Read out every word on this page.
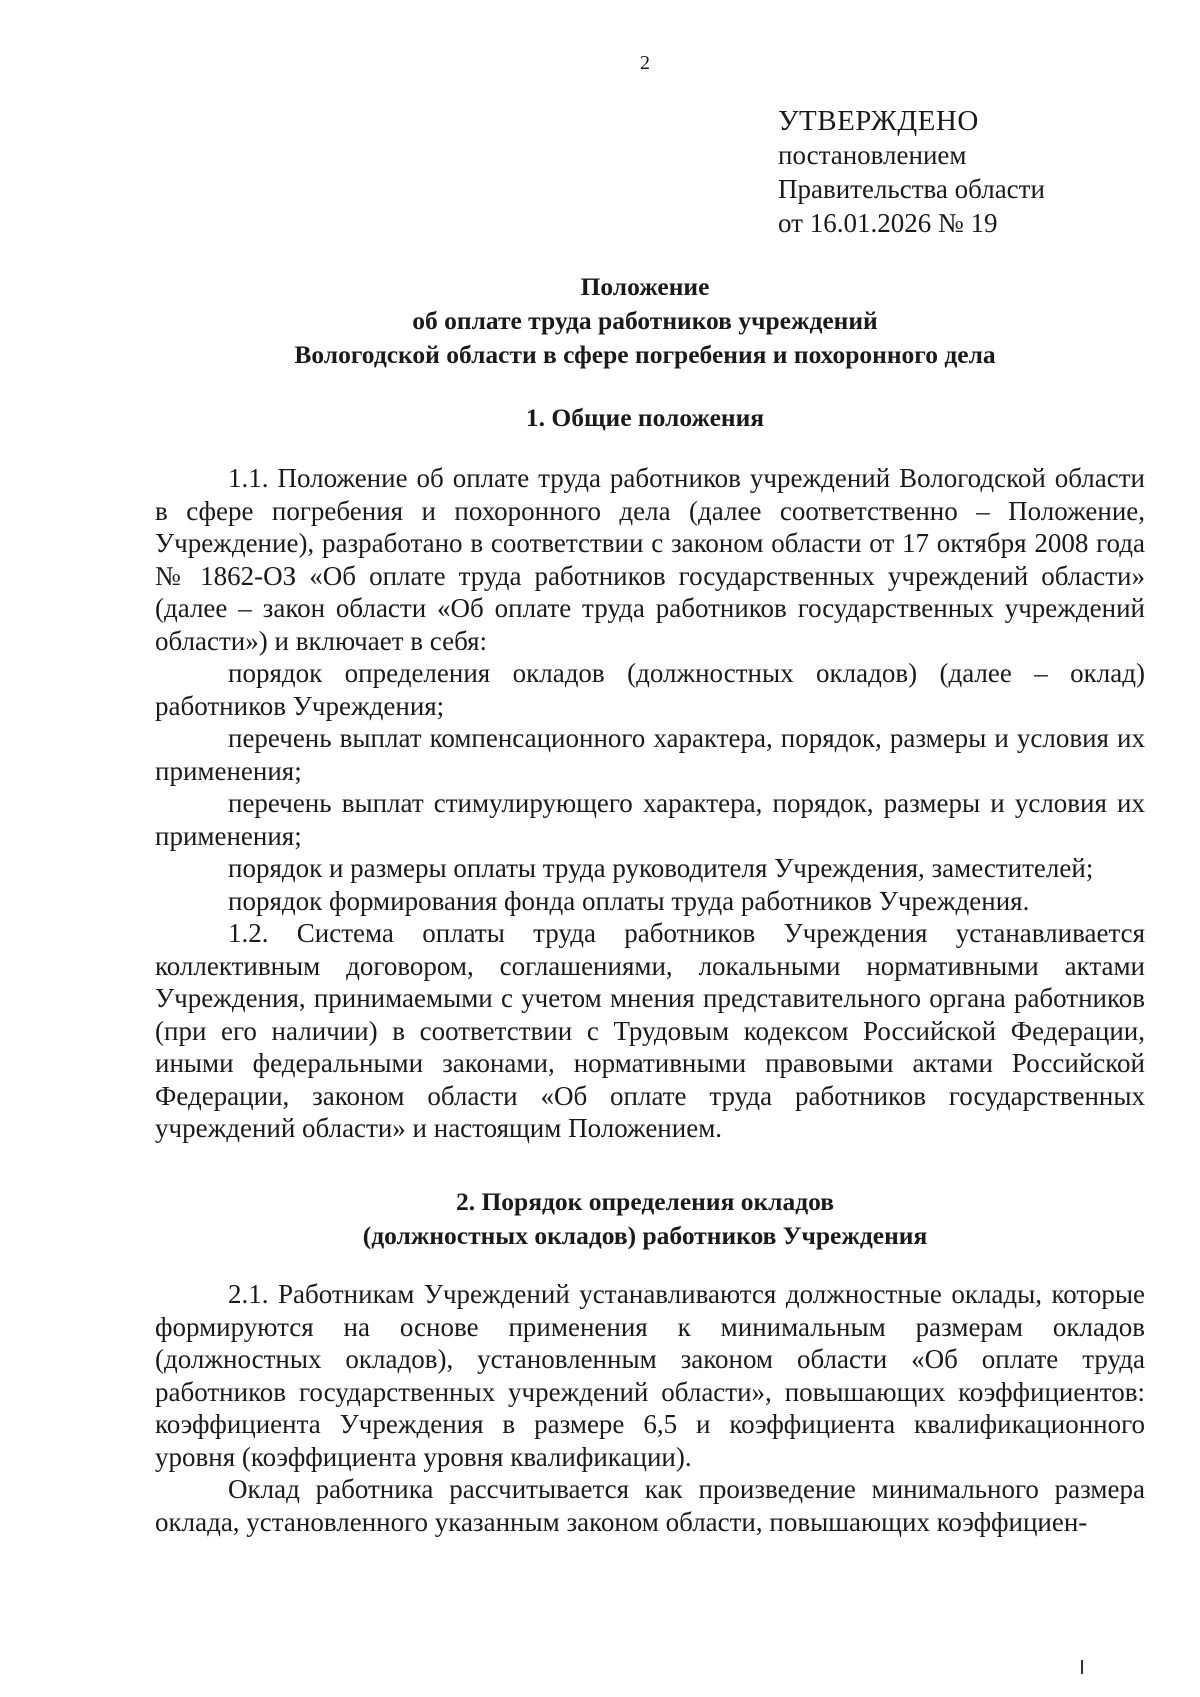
2
УТВЕРЖДЕНО
постановлением
Правительства области
от 16.01.2026 № 19
Положение
об оплате труда работников учреждений
Вологодской области в сфере погребения и похоронного дела
1. Общие положения

1.1. Положение об оплате труда работников учреждений Вологодской области в сфере погребения и похоронного дела (далее соответственно – Положение, Учреждение), разработано в соответствии с законом области от 17 октября 2008 года № 1862-ОЗ «Об оплате труда работников государственных учреждений области» (далее – закон области «Об оплате труда работников государственных учреждений области») и включает в себя:

порядок определения окладов (должностных окладов) (далее – оклад) работников Учреждения;

перечень выплат компенсационного характера, порядок, размеры и условия их применения;

перечень выплат стимулирующего характера, порядок, размеры и условия их применения;

порядок и размеры оплаты труда руководителя Учреждения, заместителей;

порядок формирования фонда оплаты труда работников Учреждения.

1.2. Система оплаты труда работников Учреждения устанавливается коллективным договором, соглашениями, локальными нормативными актами Учреждения, принимаемыми с учетом мнения представительного органа работников (при его наличии) в соответствии с Трудовым кодексом Российской Федерации, иными федеральными законами, нормативными правовыми актами Российской Федерации, законом области «Об оплате труда работников государственных учреждений области» и настоящим Положением.

2. Порядок определения окладов
(должностных окладов) работников Учреждения

2.1. Работникам Учреждений устанавливаются должностные оклады, которые формируются на основе применения к минимальным размерам окладов (должностных окладов), установленным законом области «Об оплате труда работников государственных учреждений области», повышающих коэффициентов: коэффициента Учреждения в размере 6,5 и коэффициента квалификационного уровня (коэффициента уровня квалификации).

Оклад работника рассчитывается как произведение минимального размера оклада, установленного указанным законом области, повышающих коэффициен-
